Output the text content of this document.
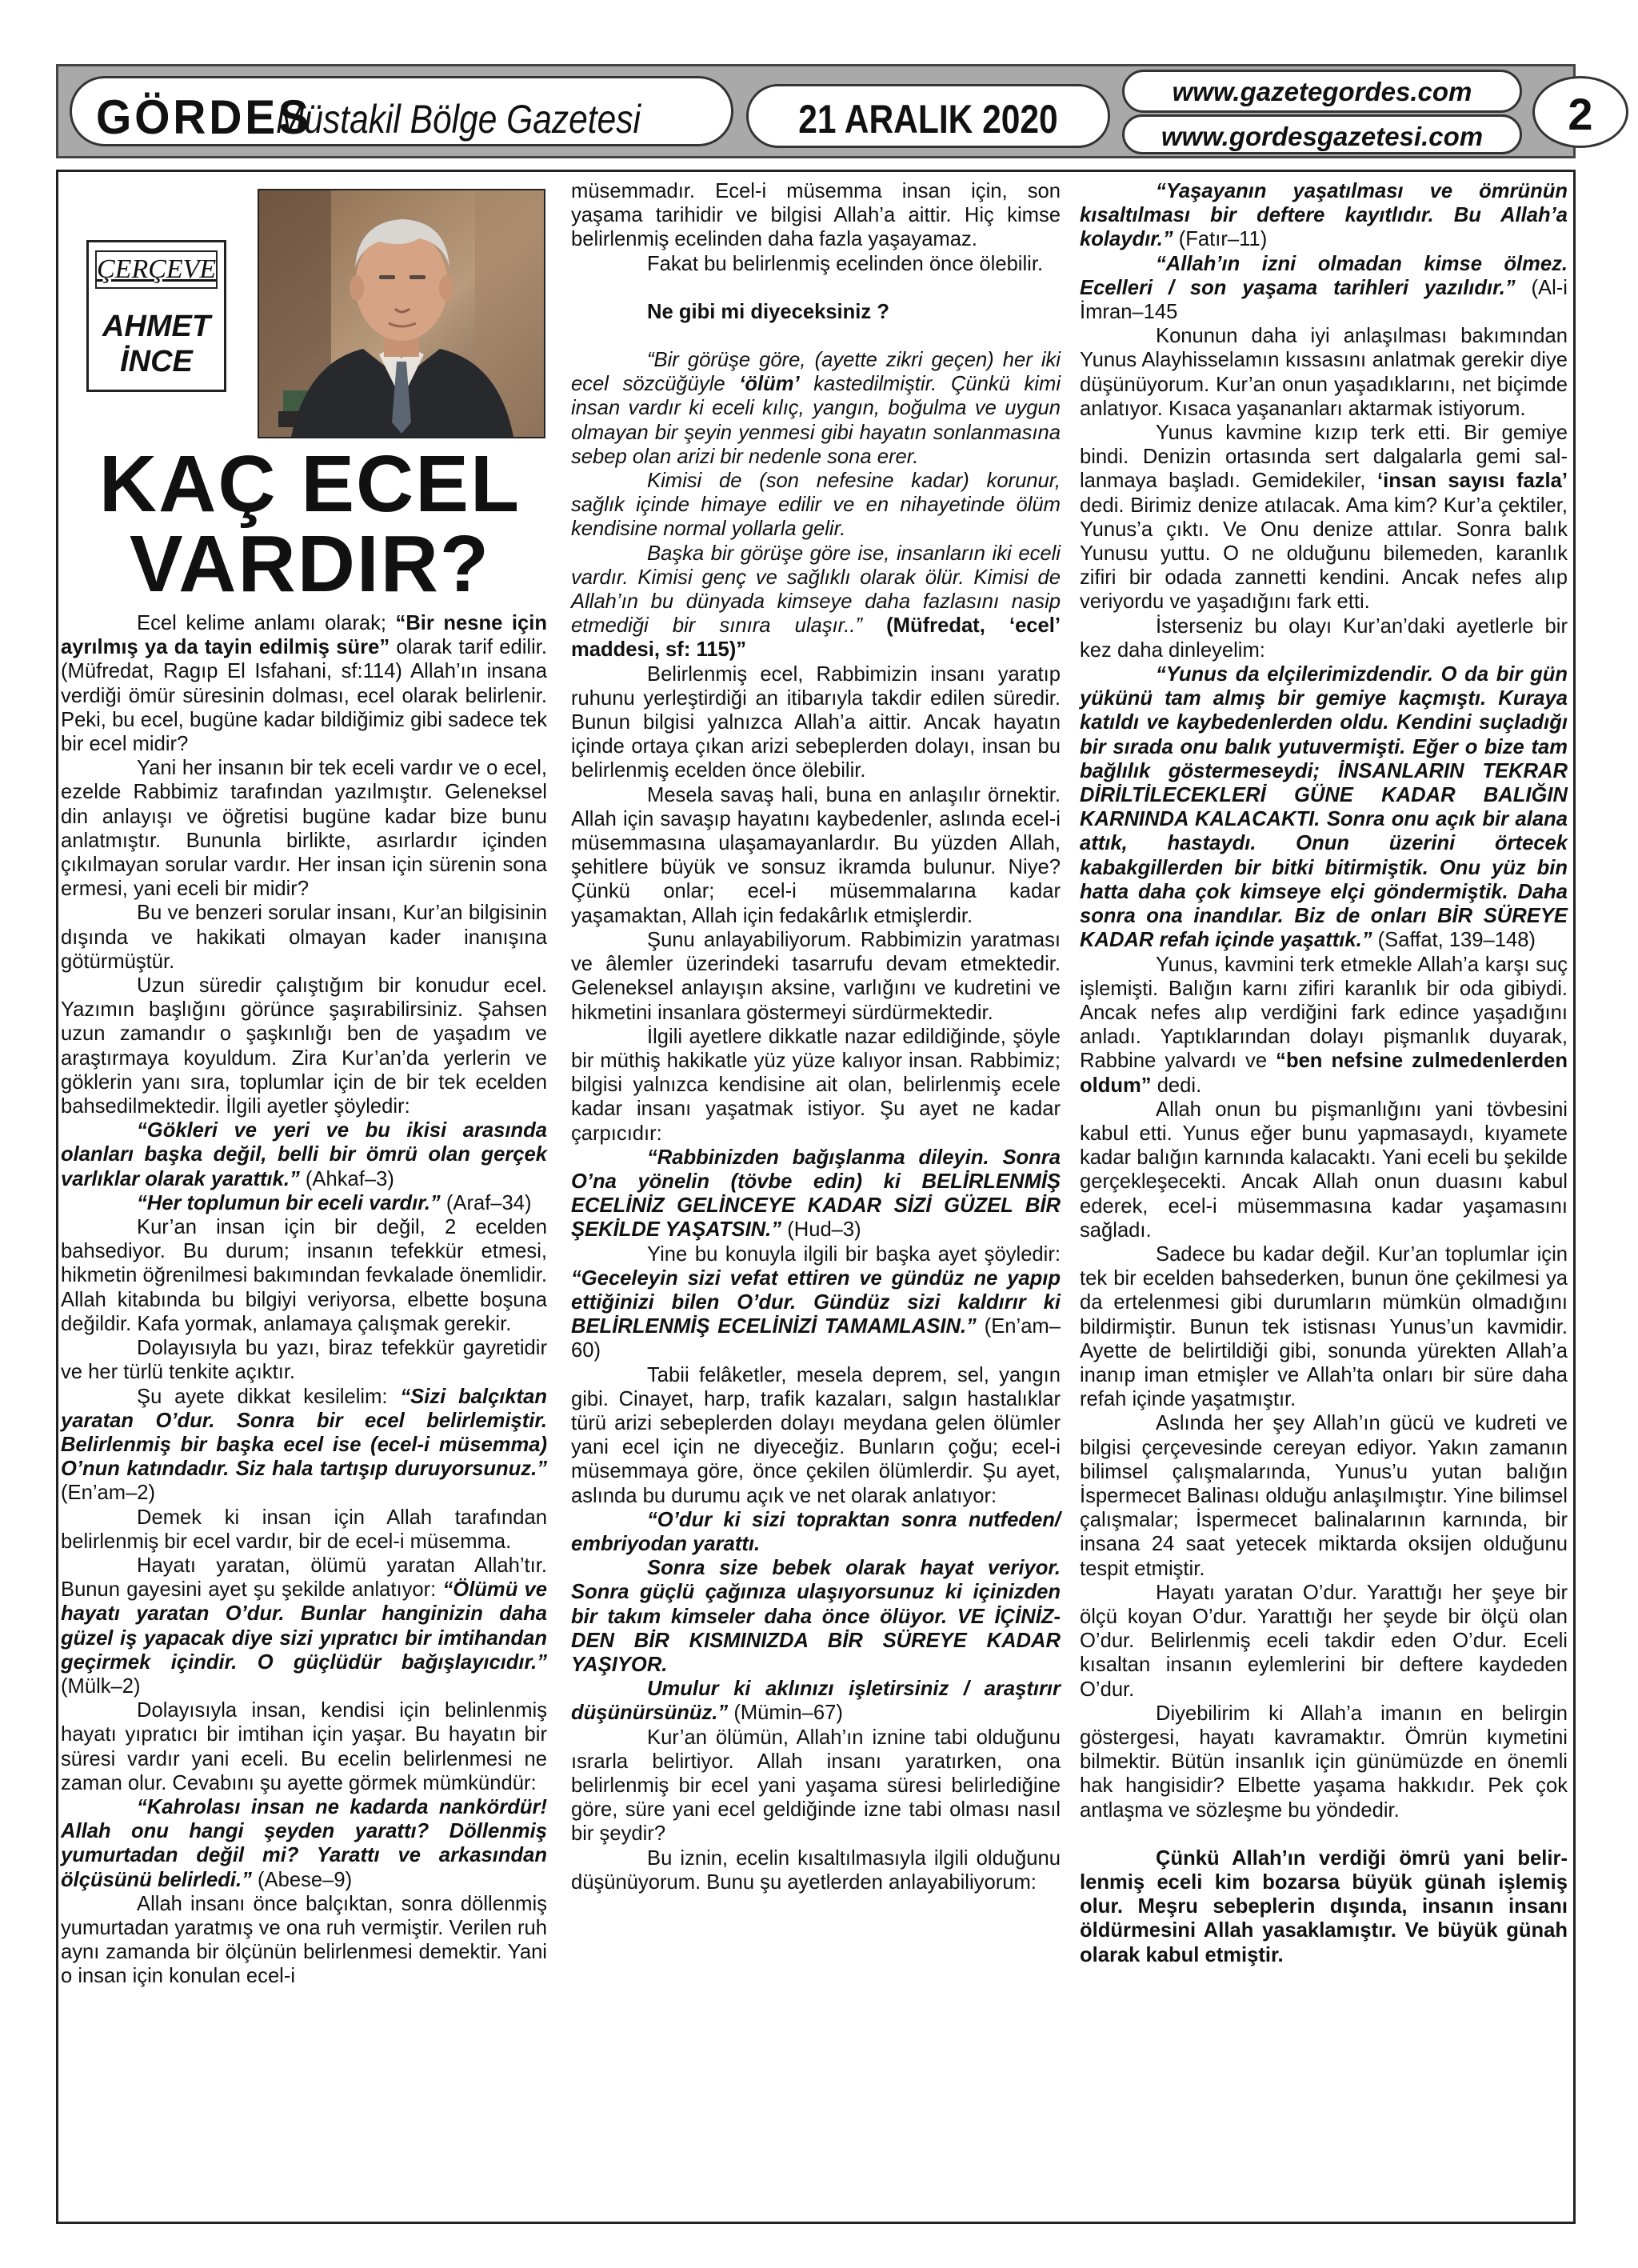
GÖRDES
Müstakil Bölge Gazetesi	21 ARALIK 2020
www.gazetegordes.com
www.gordesgazetesi.com	2
ÇERÇEVE
AHMET
İNCE
KAÇ ECEL
VARDIR?

Ecel kelime anlamı olarak; “Bir nesne için ayrılmış ya da tayin edilmiş süre” olarak tarif edilir. (Müfredat, Ragıp El Isfahani, sf:114) Allah’ın insana verdiği ömür süresinin dolması, ecel olarak belirlenir. Peki, bu ecel, bugüne kadar bildiğimiz gibi sadece tek bir ecel midir?

Yani her insanın bir tek eceli vardır ve o ecel, ezelde Rabbimiz tarafından yazılmıştır. Geleneksel din anlayışı ve öğretisi bugüne kadar bize bunu anlatmıştır. Bununla birlikte, asırlardır içinden çıkılmayan sorular vardır. Her insan için sürenin sona ermesi, yani eceli bir midir?

Bu ve benzeri sorular insanı, Kur’an bilgisinin dışında ve hakikati olmayan kader inanışına götürmüştür.

Uzun süredir çalıştığım bir konudur ecel. Yazımın başlığını görünce şaşırabilirsiniz. Şahsen uzun zamandır o şaşkınlığı ben de yaşadım ve araştırmaya koyuldum. Zira Kur’an’da yerlerin ve göklerin yanı sıra, toplumlar için de bir tek ecelden bahsedilmektedir. İlgili ayetler şöyledir:

“Gökleri ve yeri ve bu ikisi arasında olanları başka değil, belli bir ömrü olan gerçek varlıklar olarak yarattık.” (Ahkaf–3)

“Her toplumun bir eceli vardır.” (Araf–34)

Kur’an insan için bir değil, 2 ecelden bahsediyor. Bu durum; insanın tefekkür etmesi, hikmetin öğrenilmesi bakımından fevkalade önemlidir. Allah kitabında bu bilgiyi veriyorsa, elbette boşuna değildir. Kafa yormak, anlamaya çalışmak gerekir.

Dolayısıyla bu yazı, biraz tefekkür gayretidir ve her türlü tenkite açıktır.

Şu ayete dikkat kesilelim: “Sizi balçıktan yaratan O’dur. Sonra bir ecel belirlemiştir. Belirlenmiş bir başka ecel ise (ecel-i müsemma) O’nun katındadır. Siz hala tartışıp duruyorsunuz.” (En’am–2)

Demek ki insan için Allah tarafından belirlenmiş bir ecel vardır, bir de ecel-i müsemma.

Hayatı yaratan, ölümü yaratan Allah’tır. Bunun gayesini ayet şu şekilde anlatıyor: “Ölümü ve hayatı yaratan O’dur. Bunlar hanginizin daha güzel iş yapacak diye sizi yıpratıcı bir imtihandan geçirmek içindir. O güçlüdür bağışlayıcıdır.” (Mülk–2)

Dolayısıyla insan, kendisi için belinlenmiş hayatı yıpratıcı bir imtihan için yaşar. Bu hayatın bir süresi vardır yani eceli. Bu ecelin belirlenmesi ne zaman olur. Cevabını şu ayette görmek mümkündür:

“Kahrolası insan ne kadarda nankördür! Allah onu hangi şeyden yarattı? Döllenmiş yumurtadan değil mi? Yarattı ve arkasından ölçüsünü belirledi.” (Abese–9)

Allah insanı önce balçıktan, sonra döllenmiş yumurtadan yaratmış ve ona ruh vermiştir. Verilen ruh aynı zamanda bir ölçünün belirlenmesi demektir. Yani o insan için konulan ecel-i

müsemmadır. Ecel-i müsemma insan için, son yaşama tarihidir ve bilgisi Allah’a aittir. Hiç kimse belirlenmiş ecelinden daha fazla yaşayamaz.

Fakat bu belirlenmiş ecelinden önce ölebilir.

Ne gibi mi diyeceksiniz ?

“Bir görüşe göre, (ayette zikri geçen) her iki ecel sözcüğüyle ‘ölüm’ kastedilmiştir. Çünkü kimi insan vardır ki eceli kılıç, yangın, boğulma ve uygun olmayan bir şeyin yenmesi gibi hayatın sonlanmasına sebep olan arizi bir nedenle sona erer.

Kimisi de (son nefesine kadar) korunur, sağlık içinde himaye edilir ve en nihayetinde ölüm kendisine normal yollarla gelir.

Başka bir görüşe göre ise, insanların iki eceli vardır. Kimisi genç ve sağlıklı olarak ölür. Kimisi de Allah’ın bu dünyada kimseye daha fazlasını nasip etmediği bir sınıra ulaşır..” (Müfredat, ‘ecel’ maddesi, sf: 115)”

Belirlenmiş ecel, Rabbimizin insanı yaratıp ruhunu yerleştirdiği an itibarıyla takdir edilen süredir. Bunun bilgisi yalnızca Allah’a aittir. Ancak hayatın içinde ortaya çıkan arizi sebeplerden dolayı, insan bu belirlenmiş ecelden önce ölebilir.

Mesela savaş hali, buna en anlaşılır örnektir. Allah için savaşıp hayatını kaybedenler, aslında ecel-i müsemmasına ulaşamayanlardır. Bu yüzden Allah, şehitlere büyük ve sonsuz ikramda bulunur. Niye? Çünkü onlar; ecel-i müsemmalarına kadar yaşamaktan, Allah için fedakârlık etmişlerdir.

Şunu anlayabiliyorum. Rabbimizin yaratması ve âlemler üzerindeki tasarrufu devam etmektedir. Geleneksel anlayışın aksine, varlığını ve kudretini ve hikmetini insanlara göstermeyi sürdürmektedir.

İlgili ayetlere dikkatle nazar edildiğinde, şöyle bir müthiş hakikatle yüz yüze kalıyor insan. Rabbimiz; bilgisi yalnızca kendisine ait olan, belirlenmiş ecele kadar insanı yaşatmak istiyor. Şu ayet ne kadar çarpıcıdır:

“Rabbinizden bağışlanma dileyin. Sonra O’na yönelin (tövbe edin) ki BELİRLENMİŞ ECELİNİZ GELİNCEYE KADAR SİZİ GÜZEL BİR ŞEKİLDE YAŞATSIN.” (Hud–3)

Yine bu konuyla ilgili bir başka ayet şöyledir: “Geceleyin sizi vefat ettiren ve gündüz ne yapıp ettiğinizi bilen O’dur. Gündüz sizi kaldırır ki BELİRLENMİŞ ECELİNİZİ TAMAMLASIN.” (En’am–60)

Tabii felâketler, mesela deprem, sel, yangın gibi. Cinayet, harp, trafik kazaları, salgın hastalıklar türü arizi sebeplerden dolayı meydana gelen ölümler yani ecel için ne diyeceğiz. Bunların çoğu; ecel-i müsemmaya göre, önce çekilen ölümlerdir. Şu ayet, aslında bu durumu açık ve net olarak anlatıyor:

“O’dur ki sizi topraktan sonra nutfeden/ embriyodan yarattı.

Sonra size bebek olarak hayat veriyor. Sonra güçlü çağınıza ulaşıyorsunuz ki içinizden bir takım kimseler daha önce ölüyor. VE İÇİNİZDEN BİR KISMINIZDA BİR SÜREYE KADAR YAŞIYOR.

Umulur ki aklınızı işletirsiniz / araştırır düşünürsünüz.” (Mümin–67)

Kur’an ölümün, Allah’ın iznine tabi olduğunu ısrarla belirtiyor. Allah insanı yaratırken, ona belirlenmiş bir ecel yani yaşama süresi belirlediğine göre, süre yani ecel geldiğinde izne tabi olması nasıl bir şeydir?

Bu iznin, ecelin kısaltılmasıyla ilgili olduğunu düşünüyorum. Bunu şu ayetlerden anlayabiliyorum:

“Yaşayanın yaşatılması ve ömrünün kısaltılması bir deftere kayıtlıdır. Bu Allah’a kolaydır.” (Fatır–11)

“Allah’ın izni olmadan kimse ölmez. Ecelleri / son yaşama tarihleri yazılıdır.” (Al-i İmran–145

Konunun daha iyi anlaşılması bakımından Yunus Alayhisselamın kıssasını anlatmak gerekir diye düşünüyorum. Kur’an onun yaşadıklarını, net biçimde anlatıyor. Kısaca yaşananları aktarmak istiyorum.

Yunus kavmine kızıp terk etti. Bir gemiye bindi. Denizin ortasında sert dalgalarla gemi sallanmaya başladı. Gemidekiler, ‘insan sayısı fazla’ dedi. Birimiz denize atılacak. Ama kim? Kur’a çektiler, Yunus’a çıktı. Ve Onu denize attılar. Sonra balık Yunusu yuttu. O ne olduğunu bilemeden, karanlık zifiri bir odada zannetti kendini. Ancak nefes alıp veriyordu ve yaşadığını fark etti.

İsterseniz bu olayı Kur’an’daki ayetlerle bir kez daha dinleyelim:

“Yunus da elçilerimizdendir. O da bir gün yükünü tam almış bir gemiye kaçmıştı. Kuraya katıldı ve kaybedenlerden oldu. Kendini suçladığı bir sırada onu balık yutuvermişti. Eğer o bize tam bağlılık göstermeseydi; İNSANLARIN TEKRAR DİRİLTİLECEKLERİ GÜNE KADAR BALIĞIN KARNINDA KALACAKTI. Sonra onu açık bir alana attık, hastaydı. Onun üzerini örtecek kabakgillerden bir bitki bitirmiştik. Onu yüz bin hatta daha çok kimseye elçi göndermiştik. Daha sonra ona inandılar. Biz de onları BİR SÜREYE KADAR refah içinde yaşattık.” (Saffat, 139–148)

Yunus, kavmini terk etmekle Allah’a karşı suç işlemişti. Balığın karnı zifiri karanlık bir oda gibiydi. Ancak nefes alıp verdiğini fark edince yaşadığını anladı. Yaptıklarından dolayı pişmanlık duyarak, Rabbine yalvardı ve “ben nefsine zulmedenlerden oldum” dedi.

Allah onun bu pişmanlığını yani tövbesini kabul etti. Yunus eğer bunu yapmasaydı, kıyamete kadar balığın karnında kalacaktı. Yani eceli bu şekilde gerçekleşecekti. Ancak Allah onun duasını kabul ederek, ecel-i müsemmasına kadar yaşamasını sağladı.

Sadece bu kadar değil. Kur’an toplumlar için tek bir ecelden bahsederken, bunun öne çekilmesi ya da ertelenmesi gibi durumların mümkün olmadığını bildirmiştir. Bunun tek istisnası Yunus’un kavmidir. Ayette de belirtildiği gibi, sonunda yürekten Allah’a inanıp iman etmişler ve Allah’ta onları bir süre daha refah içinde yaşatmıştır.

Aslında her şey Allah’ın gücü ve kudreti ve bilgisi çerçevesinde cereyan ediyor. Yakın zamanın bilimsel çalışmalarında, Yunus’u yutan balığın İspermecet Balinası olduğu anlaşılmıştır. Yine bilimsel çalışmalar; İspermecet balinalarının karnında, bir insana 24 saat yetecek miktarda oksijen olduğunu tespit etmiştir.

Hayatı yaratan O’dur. Yarattığı her şeye bir ölçü koyan O’dur. Yarattığı her şeyde bir ölçü olan O’dur. Belirlenmiş eceli takdir eden O’dur. Eceli kısaltan insanın eylemlerini bir deftere kaydeden O’dur.

Diyebilirim ki Allah’a imanın en belirgin göstergesi, hayatı kavramaktır. Ömrün kıymetini bilmektir. Bütün insanlık için günümüzde en önemli hak hangisidir? Elbette yaşama hakkıdır. Pek çok antlaşma ve sözleşme bu yöndedir.

Çünkü Allah’ın verdiği ömrü yani belirlenmiş eceli kim bozarsa büyük günah işlemiş olur. Meşru sebeplerin dışında, insanın insanı öldürmesini Allah yasaklamıştır. Ve büyük günah olarak kabul etmiştir.
